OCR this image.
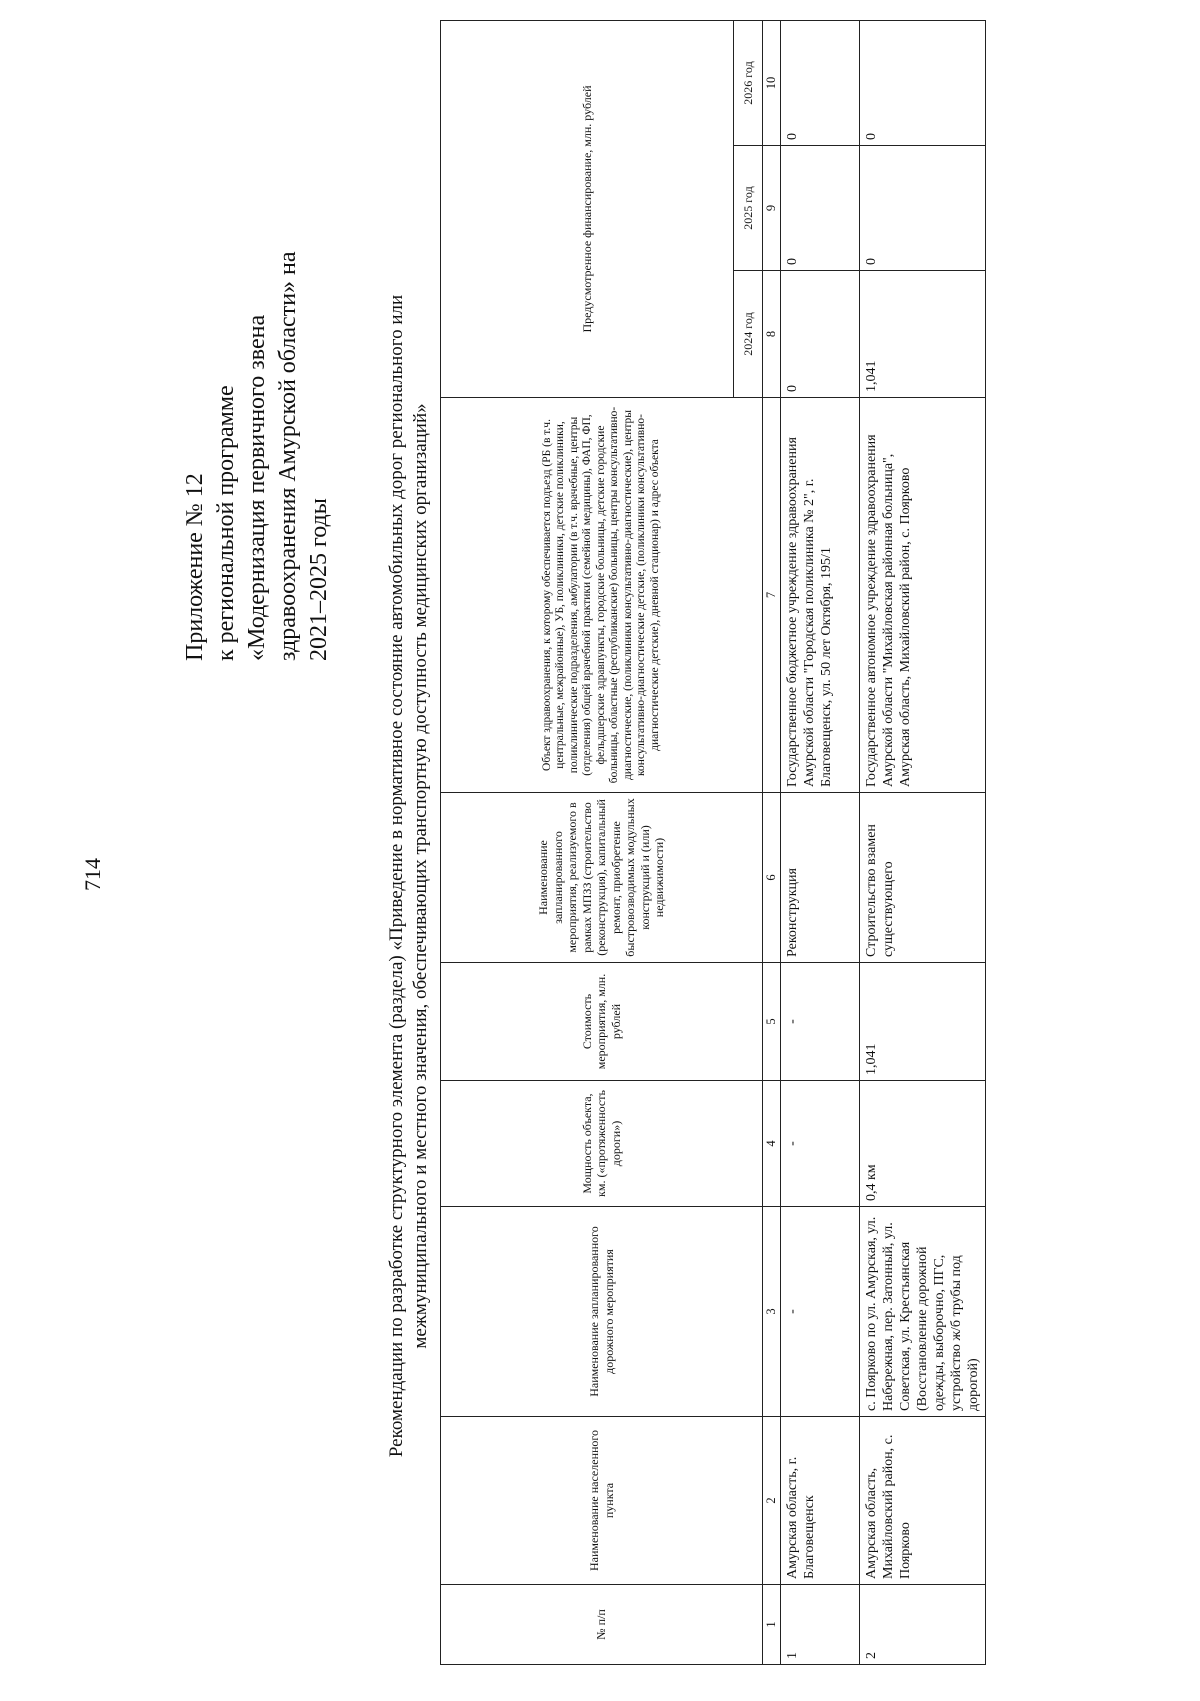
714
Приложение № 12 к региональной программе «Модернизация первичного звена здравоохранения Амурской области» на 2021–2025 годы	Рекомендации по разработке структурного элемента (раздела) «Приведение в нормативное состояние автомобильных дорог регионального или межмуниципального и местного значения, обеспечивающих транспортную доступность медицинских организаций»
№ п/п	Наименование населенного пункта	Наименование запланированного дорожного мероприятия	Мощность объекта, км. («протяженность дороги»)	Стоимость мероприятия, млн. рублей	Наименование запланированного мероприятия, реализуемого в рамках МПЗЗ (строительство (реконструкция), капитальный ремонт, приобретение быстровозводимых модульных конструкций и (или) недвижимости)	Объект здравоохранения, к которому обеспечивается подъезд (РБ (в т.ч. центральные, межрайонные), УБ, поликлиники, детские поликлиники, поликлинические подразделения, амбулатории (в т.ч. врачебные, центры (отделения) общей врачебной практики (семейной медицины), ФАП, ФП, фельдшерские здравпункты, городские больницы, детские городские больницы, областные (республиканские) больницы, центры консультативно-диагностические, (поликлиники консультативно-диагностические), центры консультативно-диагностические детские, (поликлиники консультативно-диагностические детские), дневной стационар) и адрес объекта	Предусмотренное финансирование, млн. рублей		
							2024 год	2025 год	2026 год
1	2	3	4	5	6	7	8	9	10
1	Амурская область, г. Благовещенск	-	-	-	Реконструкция	Государственное бюджетное учреждение здравоохранения Амурской области "Городская поликлиника № 2", г. Благовещенск, ул. 50 лет Октября, 195/1	0	0	0
2	Амурская область, Михайловский район, с. Поярково	с. Поярково по ул. Амурская, ул. Набережная, пер. Затонный, ул. Советская, ул. Крестьянская (Восстановление дорожной одежды, выборочно, ПГС, устройство ж/б трубы под дорогой)	0,4 км	1,041	Строительство взамен существующего	Государственное автономное учреждение здравоохранения Амурской области "Михайловская районная больница", Амурская область, Михайловский район, с. Поярково	1,041	0	0
